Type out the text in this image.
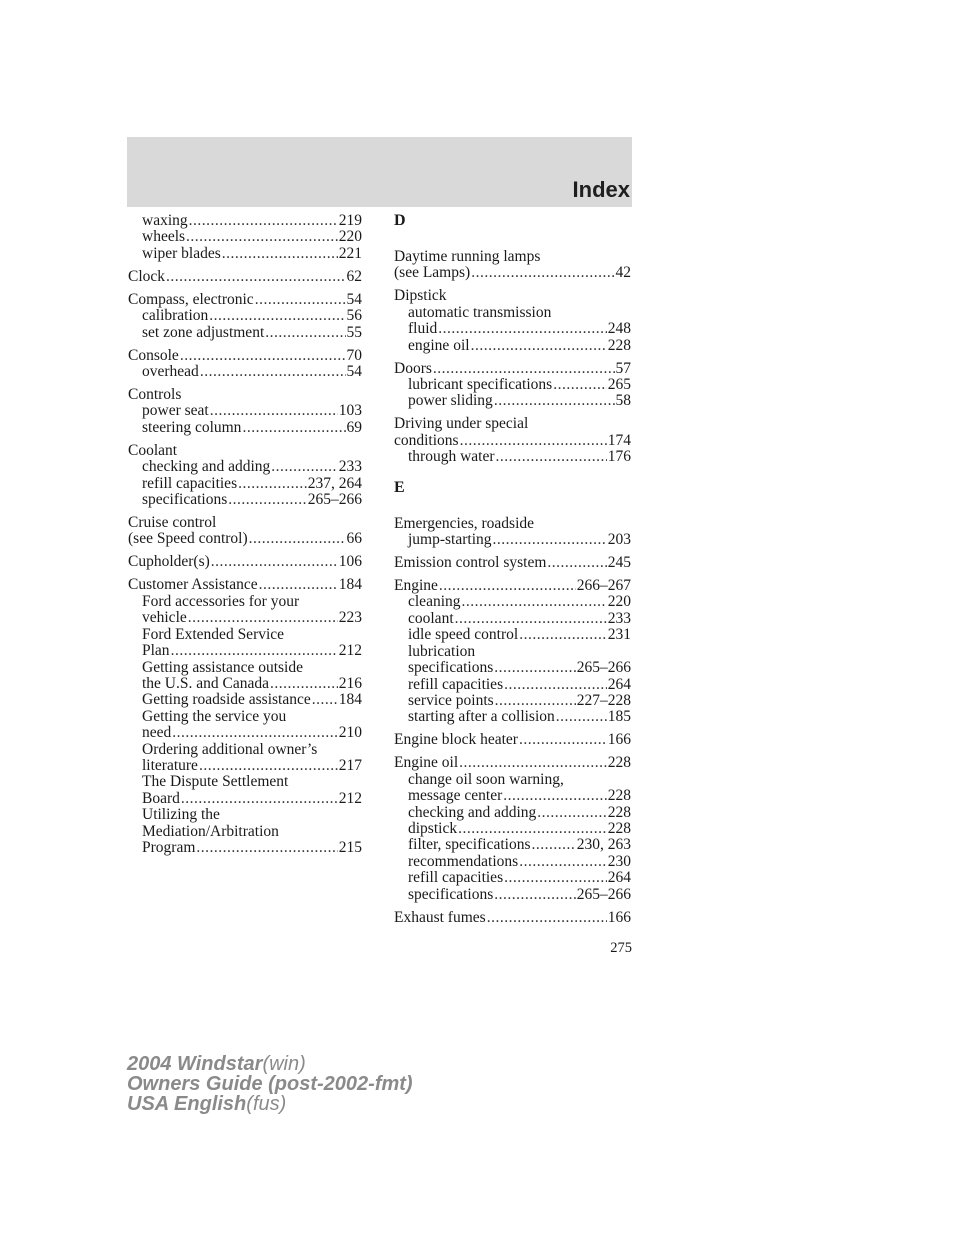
Index
waxing .....	219
wheels .....	220
wiper blades .....	221
Clock .....	62
Compass, electronic .....	54
calibration .....	56
set zone adjustment .....	55
Console .....	70
overhead .....	54
Controls
power seat .....	103
steering column .....	69
Coolant
checking and adding .....	233
refill capacities .....	237, 264
specifications .....	265–266
Cruise control
(see Speed control) .....	66
Cupholder(s) .....	106
Customer Assistance .....	184
Ford accessories for your
vehicle .....	223
Ford Extended Service
Plan .....	212
Getting assistance outside
the U.S. and Canada .....	216
Getting roadside assistance ..... 184
Getting the service you
need .....	210
Ordering additional owner’s
literature .....	217
The Dispute Settlement
Board .....	212
Utilizing the
Mediation/Arbitration
Program .....	215
D
Daytime running lamps
(see Lamps) .....	42
Dipstick
automatic transmission
fluid .....	248
engine oil .....	228
Doors .....	57
lubricant specifications .....	265
power sliding .....	58
Driving under special
conditions .....	174
through water .....	176
E
Emergencies, roadside
jump-starting .....	203
Emission control system .....	245
Engine .....	266–267
cleaning .....	220
coolant .....	233
idle speed control .....	231
lubrication
specifications .....	265–266
refill capacities .....	264
service points .....	227–228
starting after a collision .....	185
Engine block heater .....	166
Engine oil .....	228
change oil soon warning,
message center .....	228
checking and adding .....	228
dipstick .....	228
filter, specifications .....	230, 263
recommendations .....	230
refill capacities .....	264
specifications .....	265–266
Exhaust fumes .....	166
275
2004 Windstar(win)
Owners Guide (post-2002-fmt)
USA English(fus)
